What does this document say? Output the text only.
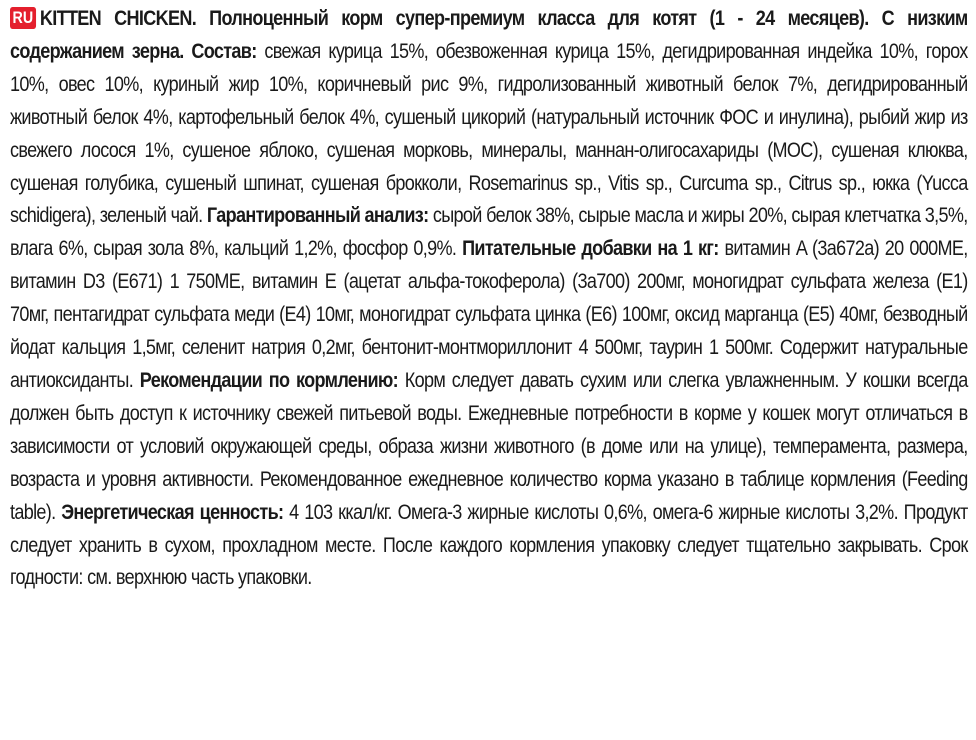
RU KITTEN CHICKEN. Полноценный корм супер-премиум класса для котят (1 - 24 месяцев). С низким содержанием зерна. Состав: свежая курица 15%, обезвоженная курица 15%, дегидрированная индейка 10%, горох 10%, овес 10%, куриный жир 10%, коричневый рис 9%, гидролизованный животный белок 7%, дегидрированный животный белок 4%, картофельный белок 4%, сушеный цикорий (натуральный источник ФОС и инулина), рыбий жир из свежего лосося 1%, сушеное яблоко, сушеная морковь, минералы, маннан-олигосахариды (МОС), сушеная клюква, сушеная голубика, сушеный шпинат, сушеная брокколи, Rosemarinus sp., Vitis sp., Curcuma sp., Citrus sp., юкка (Yucca schidigera), зеленый чай. Гарантированный анализ: сырой белок 38%, сырые масла и жиры 20%, сырая клетчатка 3,5%, влага 6%, сырая зола 8%, кальций 1,2%, фосфор 0,9%. Питательные добавки на 1 кг: витамин A (3a672a) 20 000МЕ, витамин D3 (E671) 1 750МЕ, витамин E (ацетат альфа-токоферола) (3a700) 200мг, моногидрат сульфата железа (E1) 70мг, пентагидрат сульфата меди (E4) 10мг, моногидрат сульфата цинка (E6) 100мг, оксид марганца (E5) 40мг, безводный йодат кальция 1,5мг, селенит натрия 0,2мг, бентонит-монтмориллонит 4 500мг, таурин 1 500мг. Содержит натуральные антиоксиданты. Рекомендации по кормлению: Корм следует давать сухим или слегка увлажненным. У кошки всегда должен быть доступ к источнику свежей питьевой воды. Ежедневные потребности в корме у кошек могут отличаться в зависимости от условий окружающей среды, образа жизни животного (в доме или на улице), темперамента, размера, возраста и уровня активности. Рекомендованное ежедневное количество корма указано в таблице кормления (Feeding table). Энергетическая ценность: 4 103 ккал/кг. Омега-3 жирные кислоты 0,6%, омега-6 жирные кислоты 3,2%. Продукт следует хранить в сухом, прохладном месте. После каждого кормления упаковку следует тщательно закрывать. Срок годности: см. верхнюю часть упаковки.
